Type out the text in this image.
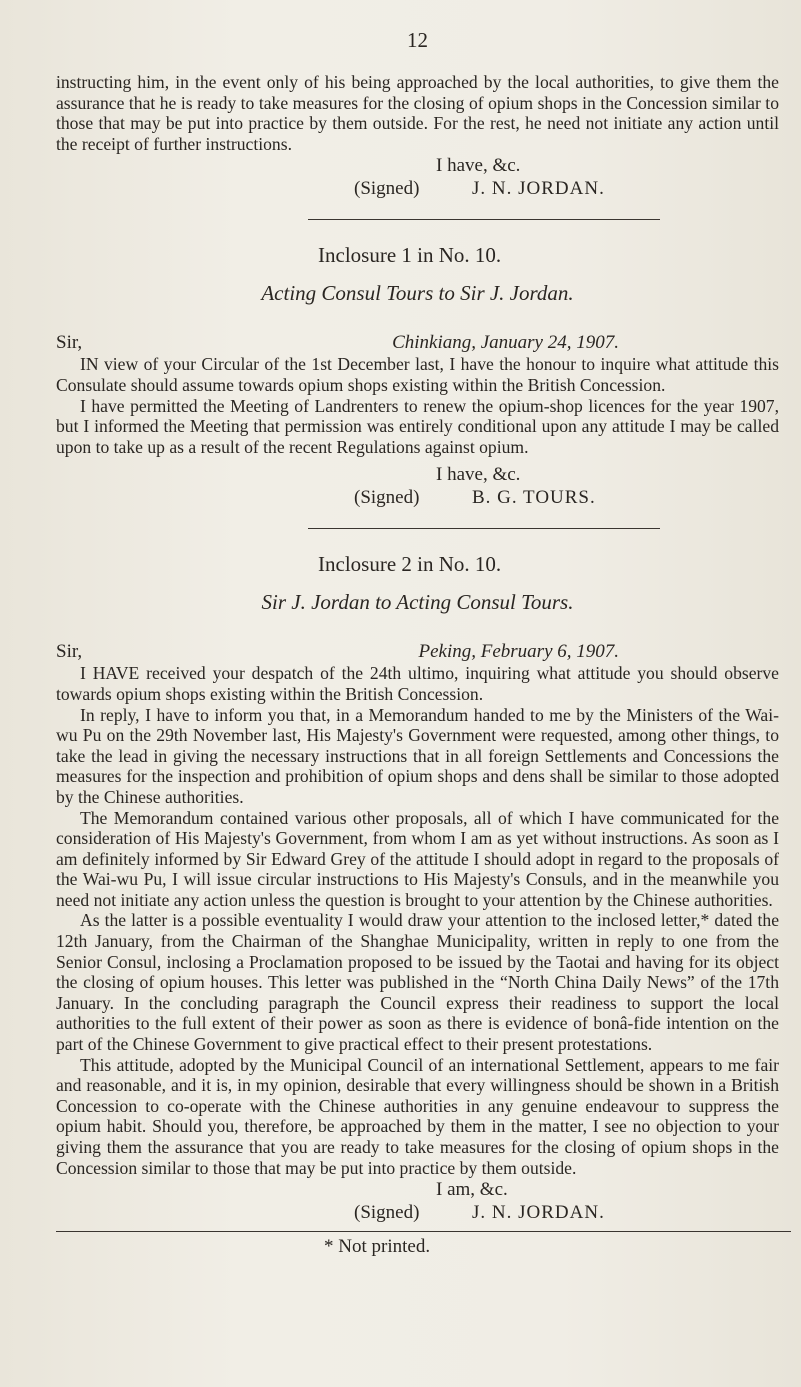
12

instructing him, in the event only of his being approached by the local authorities, to give them the assurance that he is ready to take measures for the closing of opium shops in the Concession similar to those that may be put into practice by them outside. For the rest, he need not initiate any action until the receipt of further instructions.

I have, &c.
(Signed)	J. N. JORDAN.
Inclosure 1 in No. 10.
Acting Consul Tours to Sir J. Jordan.
Sir,	Chinkiang, January 24, 1907.

IN view of your Circular of the 1st December last, I have the honour to inquire what attitude this Consulate should assume towards opium shops existing within the British Concession.

I have permitted the Meeting of Landrenters to renew the opium-shop licences for the year 1907, but I informed the Meeting that permission was entirely conditional upon any attitude I may be called upon to take up as a result of the recent Regulations against opium.

I have, &c.
(Signed)	B. G. TOURS.
Inclosure 2 in No. 10.
Sir J. Jordan to Acting Consul Tours.
Sir,	Peking, February 6, 1907.

I HAVE received your despatch of the 24th ultimo, inquiring what attitude you should observe towards opium shops existing within the British Concession.

In reply, I have to inform you that, in a Memorandum handed to me by the Ministers of the Wai-wu Pu on the 29th November last, His Majesty's Government were requested, among other things, to take the lead in giving the necessary instructions that in all foreign Settlements and Concessions the measures for the inspection and prohibition of opium shops and dens shall be similar to those adopted by the Chinese authorities.

The Memorandum contained various other proposals, all of which I have communicated for the consideration of His Majesty's Government, from whom I am as yet without instructions. As soon as I am definitely informed by Sir Edward Grey of the attitude I should adopt in regard to the proposals of the Wai-wu Pu, I will issue circular instructions to His Majesty's Consuls, and in the meanwhile you need not initiate any action unless the question is brought to your attention by the Chinese authorities.

As the latter is a possible eventuality I would draw your attention to the inclosed letter,* dated the 12th January, from the Chairman of the Shanghae Municipality, written in reply to one from the Senior Consul, inclosing a Proclamation proposed to be issued by the Taotai and having for its object the closing of opium houses. This letter was published in the “North China Daily News” of the 17th January. In the concluding paragraph the Council express their readiness to support the local authorities to the full extent of their power as soon as there is evidence of bonâ-fide intention on the part of the Chinese Government to give practical effect to their present protestations.

This attitude, adopted by the Municipal Council of an international Settlement, appears to me fair and reasonable, and it is, in my opinion, desirable that every willingness should be shown in a British Concession to co-operate with the Chinese authorities in any genuine endeavour to suppress the opium habit. Should you, therefore, be approached by them in the matter, I see no objection to your giving them the assurance that you are ready to take measures for the closing of opium shops in the Concession similar to those that may be put into practice by them outside.

I am, &c.
(Signed)	J. N. JORDAN.
* Not printed.
